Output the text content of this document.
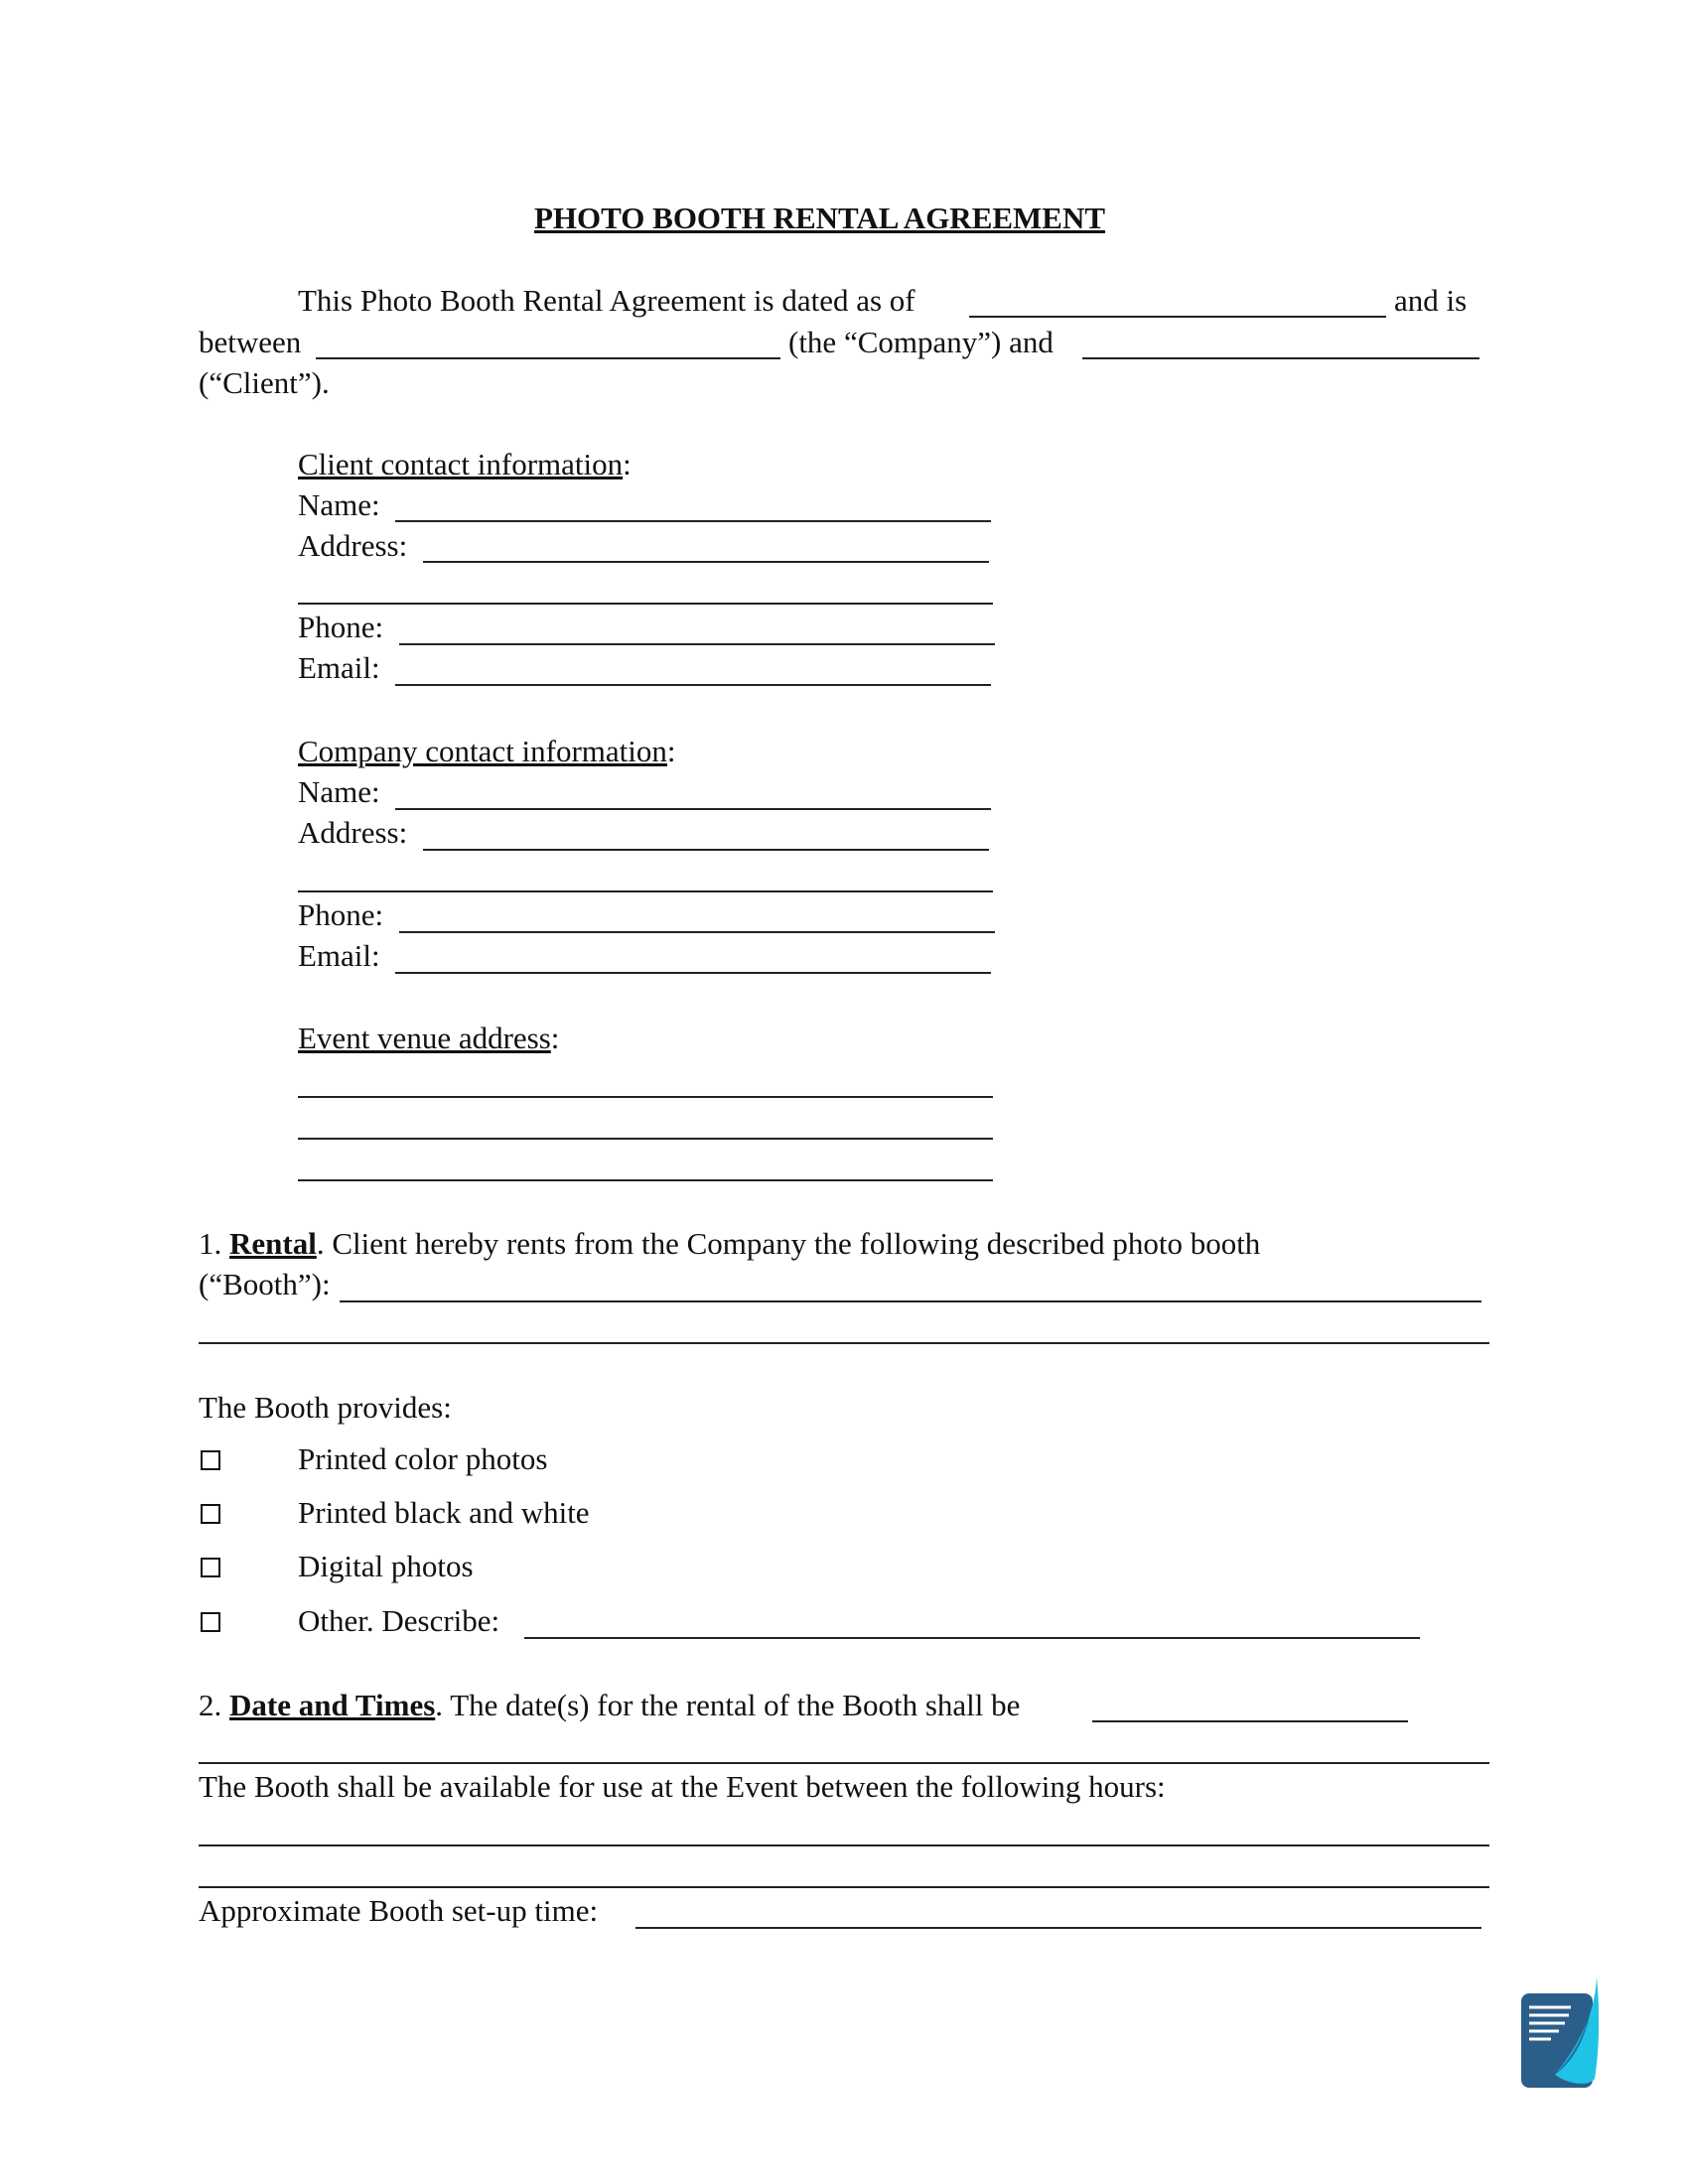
PHOTO BOOTH RENTAL AGREEMENT
This Photo Booth Rental Agreement is dated as of	and is
between	(the “Company”) and
(“Client”).
Client contact information:
Name:
Address:
Phone:
Email:
Company contact information:
Name:
Address:
Phone:
Email:
Event venue address:
1. Rental. Client hereby rents from the Company the following described photo booth
(“Booth”):
The Booth provides:
Printed color photos
Printed black and white
Digital photos
Other. Describe:
2. Date and Times. The date(s) for the rental of the Booth shall be
The Booth shall be available for use at the Event between the following hours:
Approximate Booth set-up time:
